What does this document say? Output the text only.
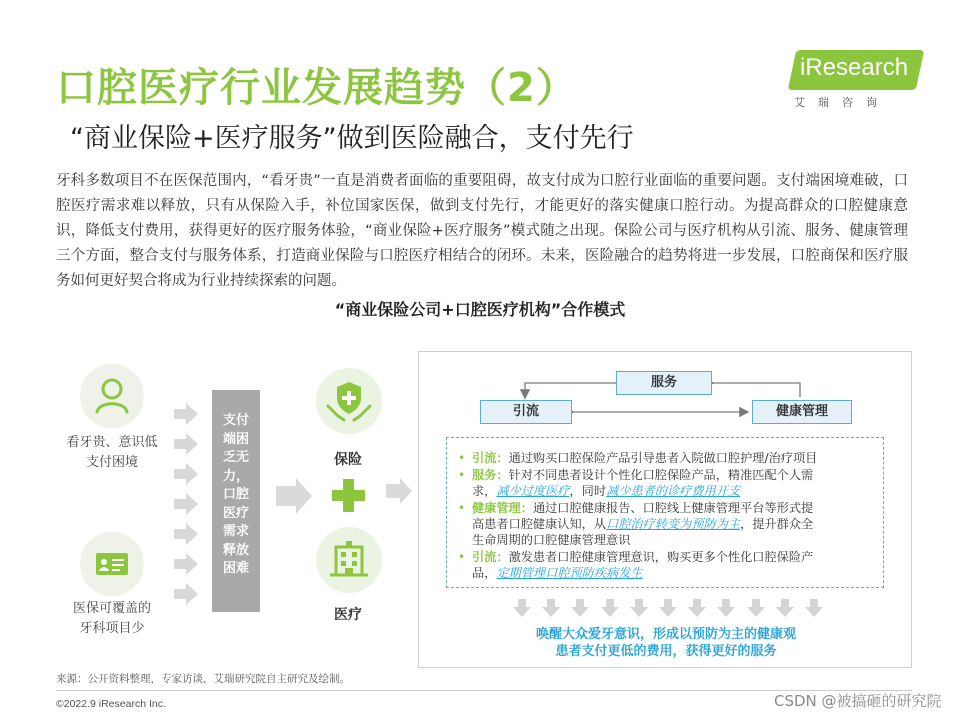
口腔医疗行业发展趋势（2）
“商业保险+医疗服务”做到医险融合，支付先行
iResearch
艾瑞咨询
牙科多数项目不在医保范围内，“看牙贵”一直是消费者面临的重要阻碍，故支付成为口腔行业面临的重要问题。支付端困境难破，口腔医疗需求难以释放，只有从保险入手，补位国家医保，做到支付先行，才能更好的落实健康口腔行动。为提高群众的口腔健康意识，降低支付费用，获得更好的医疗服务体验，“商业保险+医疗服务”模式随之出现。保险公司与医疗机构从引流、服务、健康管理三个方面，整合支付与服务体系，打造商业保险与口腔医疗相结合的闭环。未来，医险融合的趋势将进一步发展，口腔商保和医疗服务如何更好契合将成为行业持续探索的问题。
“商业保险公司+口腔医疗机构”合作模式
看牙贵、意识低
支付困境
医保可覆盖的
牙科项目少
支付
端困
乏无
力，
口腔
医疗
需求
释放
困难
保险
医疗
服务
引流	健康管理
• 引流：通过购买口腔保险产品引导患者入院做口腔护理/治疗项目
• 服务：针对不同患者设计个性化口腔保险产品，精准匹配个人需
求，减少过度医疗，同时减少患者的诊疗费用开支
• 健康管理：通过口腔健康报告、口腔线上健康管理平台等形式提
高患者口腔健康认知，从口腔治疗转变为预防为主，提升群众全
生命周期的口腔健康管理意识
• 引流：激发患者口腔健康管理意识，购买更多个性化口腔保险产
品，定期管理口腔预防疾病发生
唤醒大众爱牙意识，形成以预防为主的健康观
患者支付更低的费用，获得更好的服务
来源：公开资料整理，专家访谈，艾瑞研究院自主研究及绘制。
©2022.9 iResearch Inc.	CSDN @被搞砸的研究院
